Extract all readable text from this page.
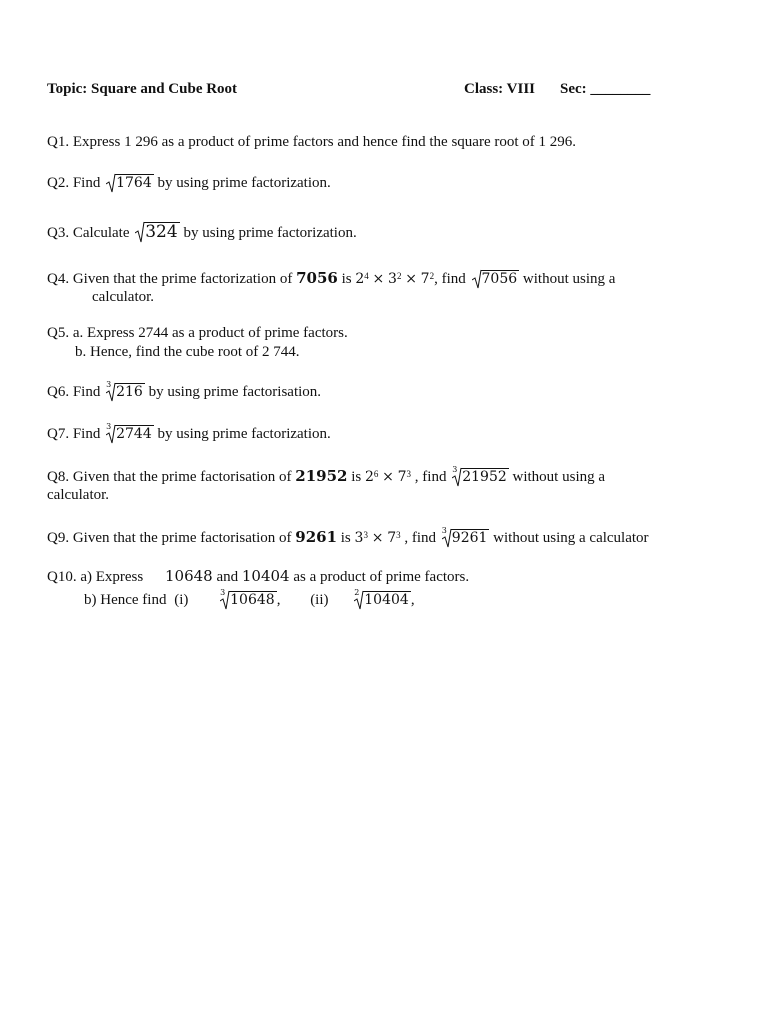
Topic: Square and Cube Root	Class: VIII Sec: ________
Q1. Express 1 296 as a product of prime factors and hence find the square root of 1 296.
Q2. Find 1764 by using prime factorization.
Q3. Calculate 324 by using prime factorization.
Q4. Given that the prime factorization of 7056 is $2^4 \times 3^2 \times 7^2$, find 7056 without using a
calculator.
Q5. a. Express 2744 as a product of prime factors.
b. Hence, find the cube root of 2 744.
Q6. Find 3 216 by using prime factorisation.
Q7. Find 3 2744 by using prime factorization.
Q8. Given that the prime factorisation of 21952 is $2^6 \times 7^3$ , find 3 21952 without using a
calculator.
Q9. Given that the prime factorisation of 9261 is $3^3 \times 7^3$ , find 3 9261 without using a calculator
Q10. a) Express 10648 and 10404 as a product of prime factors.
b) Hence find (i)	3 10648 , (ii)	2 10404 ,
